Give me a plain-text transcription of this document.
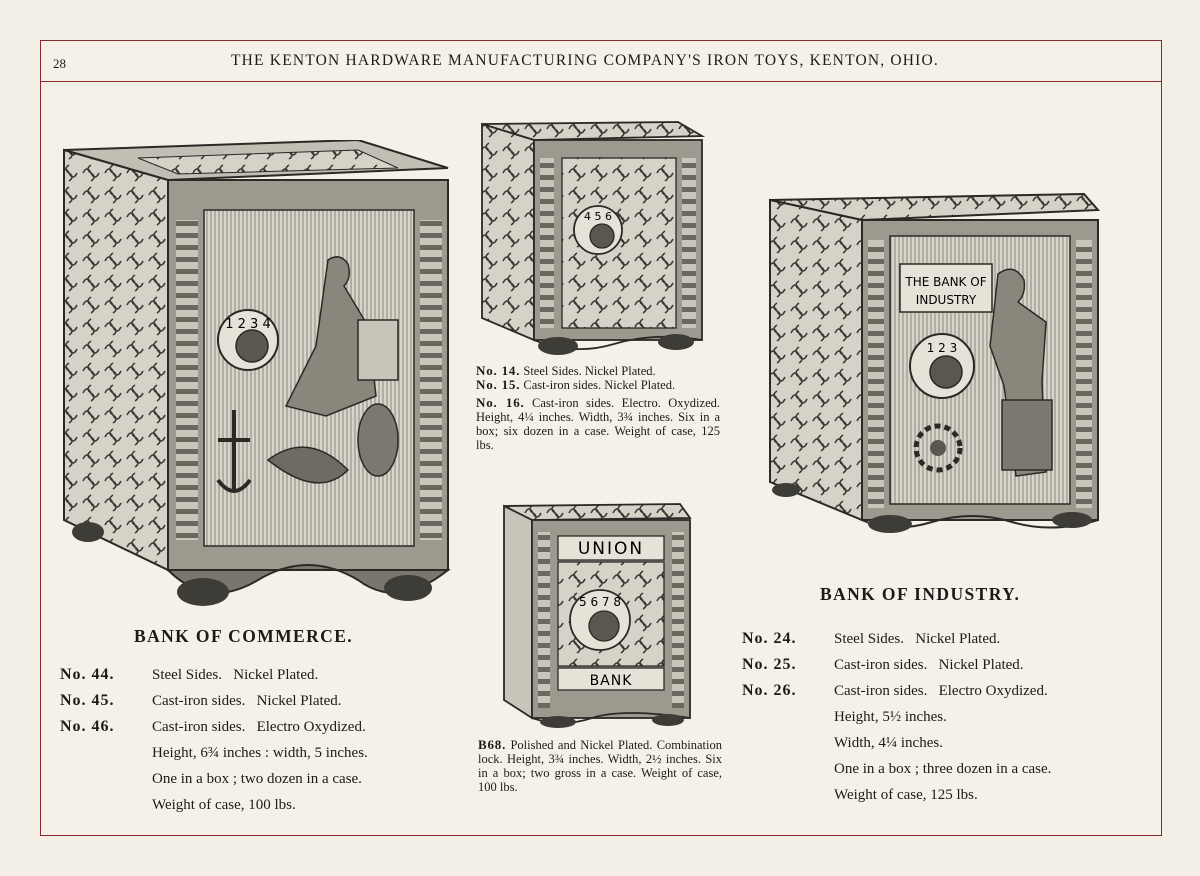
28	THE KENTON HARDWARE MANUFACTURING COMPANY'S IRON TOYS, KENTON, OHIO.
1 2 3 4
4 5 6
UNION
5 6 7 8
BANK
THE BANK OF
INDUSTRY
1 2 3
BANK OF COMMERCE.
No. 44. Steel Sides.   Nickel Plated.
No. 45. Cast-iron sides.   Nickel Plated.
No. 46. Cast-iron sides.   Electro Oxydized.
Height, 6¾ inches : width, 5 inches.
One in a box ; two dozen in a case.
Weight of case, 100 lbs.
No. 14. Steel Sides. Nickel Plated.
No. 15. Cast-iron sides. Nickel Plated.
No. 16. Cast-iron sides. Electro. Oxydized. Height, 4¼ inches. Width, 3¾ inches. Six in a box; six dozen in a case. Weight of case, 125 lbs.
B68. Polished and Nickel Plated. Combination lock. Height, 3¾ inches. Width, 2½ inches. Six in a box; two gross in a case. Weight of case, 100 lbs.
BANK OF INDUSTRY.
No. 24. Steel Sides.   Nickel Plated.
No. 25. Cast-iron sides.   Nickel Plated.
No. 26. Cast-iron sides.   Electro Oxydized.
Height, 5½ inches.
Width, 4¼ inches.
One in a box ; three dozen in a case.
Weight of case, 125 lbs.
